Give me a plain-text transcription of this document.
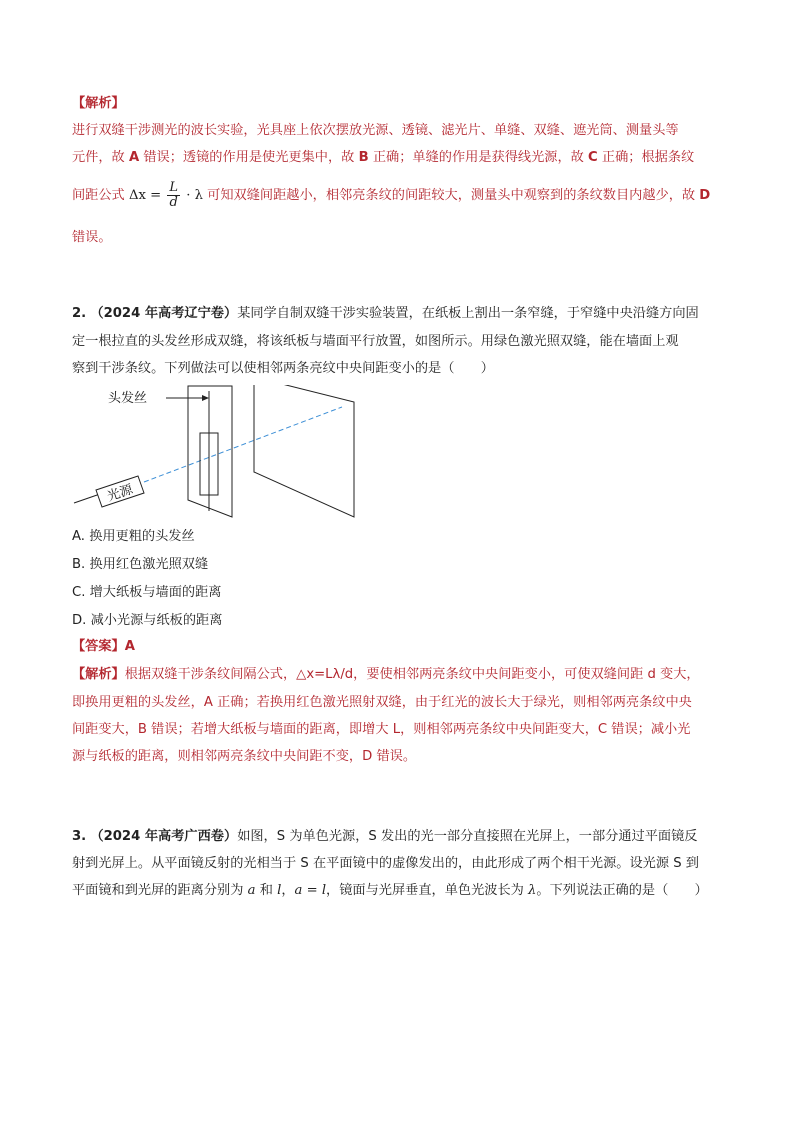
【解析】
进行双缝干涉测光的波长实验，光具座上依次摆放光源、透镜、滤光片、单缝、双缝、遮光筒、测量头等
元件，故 A 错误；透镜的作用是使光更集中，故 B 正确；单缝的作用是获得线光源，故 C 正确；根据条纹
间距公式 $\Delta x = \frac{L}{d} \cdot \lambda$ 可知双缝间距越小，相邻亮条纹的间距较大，测量头中观察到的条纹数目内越少，故 D
错误。
2. （2024 年高考辽宁卷）某同学自制双缝干涉实验装置，在纸板上割出一条窄缝，于窄缝中央沿缝方向固
定一根拉直的头发丝形成双缝，将该纸板与墙面平行放置，如图所示。用绿色激光照双缝，能在墙面上观
察到干涉条纹。下列做法可以使相邻两条亮纹中央间距变小的是（　　）
光源
头发丝
A. 换用更粗的头发丝
B. 换用红色激光照双缝
C. 增大纸板与墙面的距离
D. 减小光源与纸板的距离
【答案】A
【解析】根据双缝干涉条纹间隔公式，△x=Lλ/d，要使相邻两亮条纹中央间距变小，可使双缝间距 d 变大，
即换用更粗的头发丝，A 正确；若换用红色激光照射双缝，由于红光的波长大于绿光，则相邻两亮条纹中央
间距变大，B 错误；若增大纸板与墙面的距离，即增大 L，则相邻两亮条纹中央间距变大，C 错误；减小光
源与纸板的距离，则相邻两亮条纹中央间距不变，D 错误。
3. （2024 年高考广西卷）如图，S 为单色光源，S 发出的光一部分直接照在光屏上，一部分通过平面镜反
射到光屏上。从平面镜反射的光相当于 S 在平面镜中的虚像发出的，由此形成了两个相干光源。设光源 S 到
平面镜和到光屏的距离分别为 a 和 l，a = l，镜面与光屏垂直，单色光波长为 λ。下列说法正确的是（　　）
